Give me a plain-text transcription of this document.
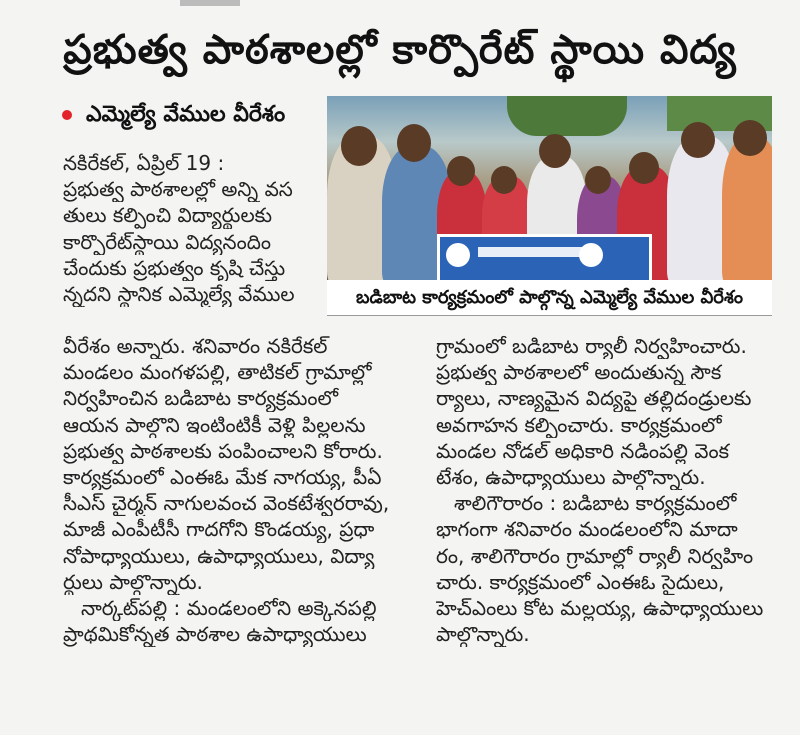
ప్రభుత్వ పాఠశాలల్లో కార్పొరేట్ స్థాయి విద్య
ఎమ్మెల్యే వేముల వీరేశం
నకిరేకల్, ఏప్రిల్ 19 :
ప్రభుత్వ పాఠశాలల్లో అన్ని వస
తులు కల్పించి విద్యార్థులకు
కార్పొరేట్‌స్థాయి విద్యనందిం
చేందుకు ప్రభుత్వం కృషి చేస్తు
న్నదని స్థానిక ఎమ్మెల్యే వేముల	బడిబాట కార్యక్రమంలో పాల్గొన్న ఎమ్మెల్యే వేముల వీరేశం
వీరేశం అన్నారు. శనివారం నకిరేకల్
మండలం మంగళపల్లి, తాటికల్ గ్రామాల్లో
నిర్వహించిన బడిబాట కార్యక్రమంలో
ఆయన పాల్గొని ఇంటింటికీ వెళ్లి పిల్లలను
ప్రభుత్వ పాఠశాలకు పంపించాలని కోరారు.
కార్యక్రమంలో ఎంఈఓ మేక నాగయ్య, పీఏ
సీఎస్ చైర్మన్ నాగులవంచ వెంకటేశ్వరరావు,
మాజీ ఎంపీటీసీ గాదగోని కొండయ్య, ప్రధా
నోపాధ్యాయులు, ఉపాధ్యాయులు, విద్యా
ర్థులు పాల్గొన్నారు.
నార్కట్‌పల్లి : మండలంలోని అక్కెనపల్లి
ప్రాథమికోన్నత పాఠశాల ఉపాధ్యాయులు
గ్రామంలో బడిబాట ర్యాలీ నిర్వహించారు.
ప్రభుత్వ పాఠశాలలో అందుతున్న సౌక
ర్యాలు, నాణ్యమైన విద్యపై తల్లిదండ్రులకు
అవగాహన కల్పించారు. కార్యక్రమంలో
మండల నోడల్ అధికారి నడింపల్లి వెంక
టేశం, ఉపాధ్యాయులు పాల్గొన్నారు.
శాలిగౌరారం : బడిబాట కార్యక్రమంలో
భాగంగా శనివారం మండలంలోని మాదా
రం, శాలిగౌరారం గ్రామాల్లో ర్యాలీ నిర్వహిం
చారు. కార్యక్రమంలో ఎంఈఓ సైదులు,
హెచ్‌ఎంలు కోట మల్లయ్య, ఉపాధ్యాయులు
పాల్గొన్నారు.
